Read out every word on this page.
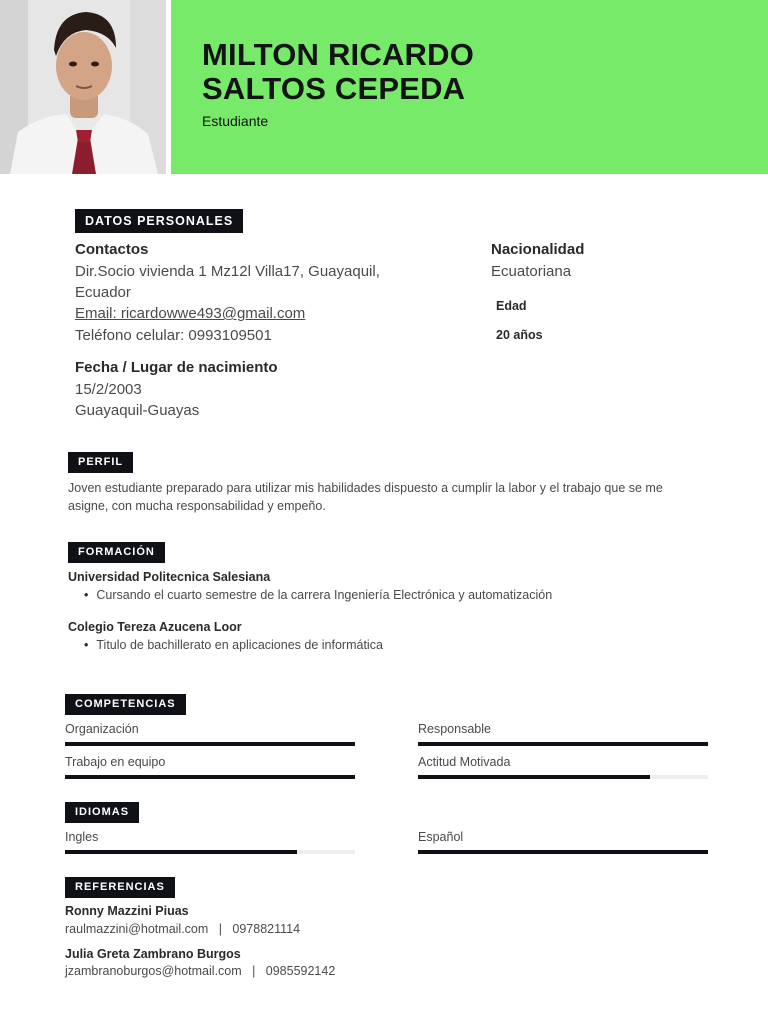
MILTON RICARDO
SALTOS CEPEDA
Estudiante
DATOS PERSONALES
Contactos
Dir.Socio vivienda 1 Mz12l Villa17, Guayaquil,
Ecuador
Email: ricardowwe493@gmail.com
Teléfono celular: 0993109501
Fecha / Lugar de nacimiento
15/2/2003
Guayaquil-Guayas
Nacionalidad
Ecuatoriana
Edad
20 años
PERFIL
Joven estudiante preparado para utilizar mis habilidades dispuesto a cumplir la labor y el trabajo que se me
asigne, con mucha responsabilidad y empeño.
FORMACIÓN
Universidad Politecnica Salesiana
• Cursando el cuarto semestre de la carrera Ingeniería Electrónica y automatización
Colegio Tereza Azucena Loor
• Titulo de bachillerato en aplicaciones de informática
COMPETENCIAS
Organización	Responsable
Trabajo en equipo	Actitud Motivada
IDIOMAS
Ingles	Español
REFERENCIAS
Ronny Mazzini Piuas
raulmazzini@hotmail.com   |   0978821114
Julia Greta Zambrano Burgos
jzambranoburgos@hotmail.com   |   0985592142
